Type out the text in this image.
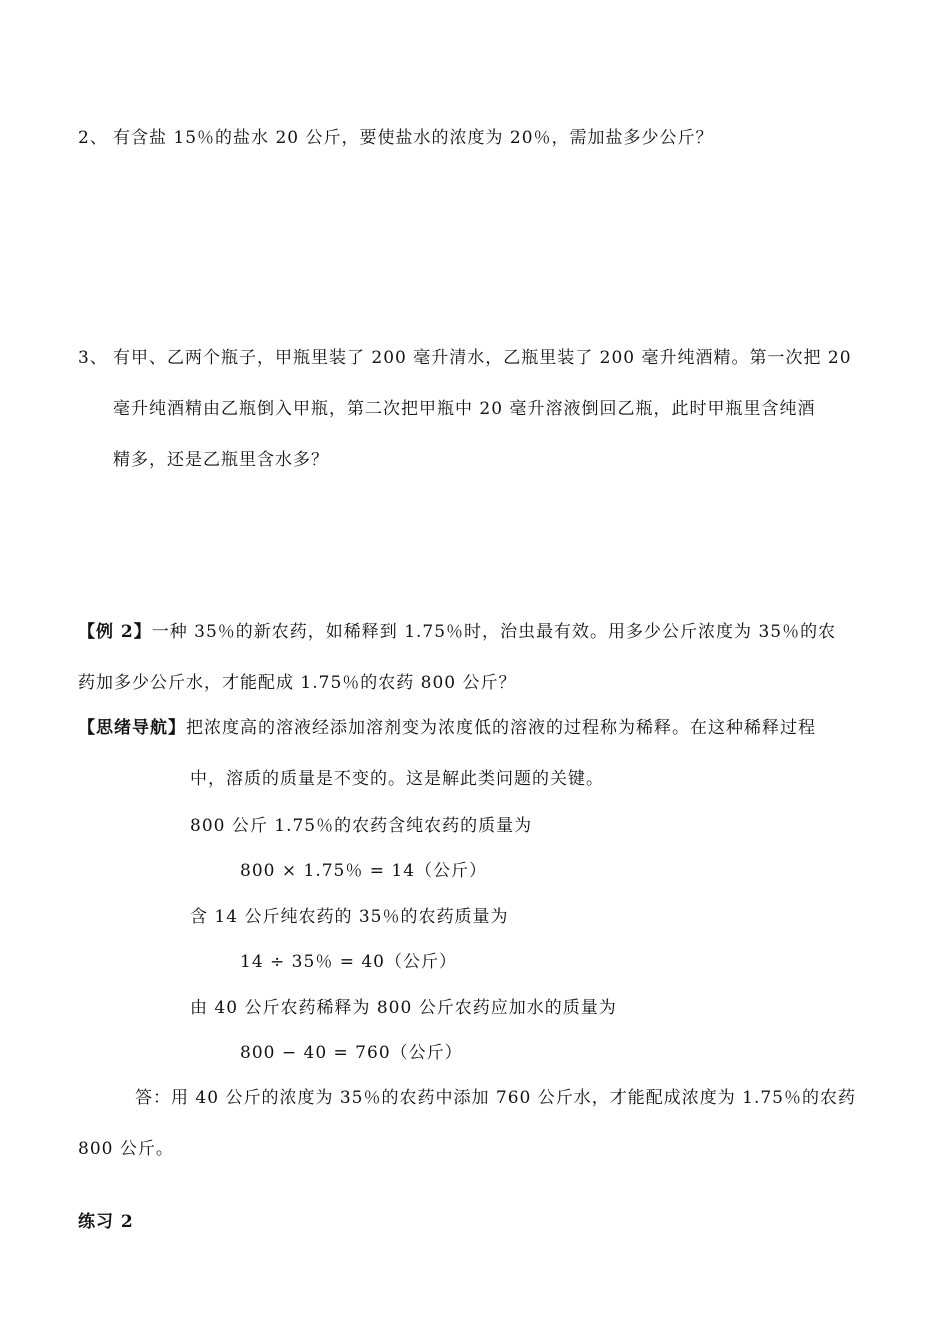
2、 有含盐 15％的盐水 20 公斤，要使盐水的浓度为 20％，需加盐多少公斤？
3、 有甲、乙两个瓶子，甲瓶里装了 200 毫升清水，乙瓶里装了 200 毫升纯酒精。第一次把 20
毫升纯酒精由乙瓶倒入甲瓶，第二次把甲瓶中 20 毫升溶液倒回乙瓶，此时甲瓶里含纯酒
精多，还是乙瓶里含水多？
【例 2】一种 35％的新农药，如稀释到 1.75％时，治虫最有效。用多少公斤浓度为 35％的农
药加多少公斤水，才能配成 1.75％的农药 800 公斤？
【思绪导航】把浓度高的溶液经添加溶剂变为浓度低的溶液的过程称为稀释。在这种稀释过程
中，溶质的质量是不变的。这是解此类问题的关键。
800 公斤 1.75％的农药含纯农药的质量为
800 × 1.75％ = 14（公斤）
含 14 公斤纯农药的 35％的农药质量为
14 ÷ 35％ = 40（公斤）
由 40 公斤农药稀释为 800 公斤农药应加水的质量为
800 − 40 = 760（公斤）
答：用 40 公斤的浓度为 35％的农药中添加 760 公斤水，才能配成浓度为 1.75％的农药
800 公斤。
练习 2
